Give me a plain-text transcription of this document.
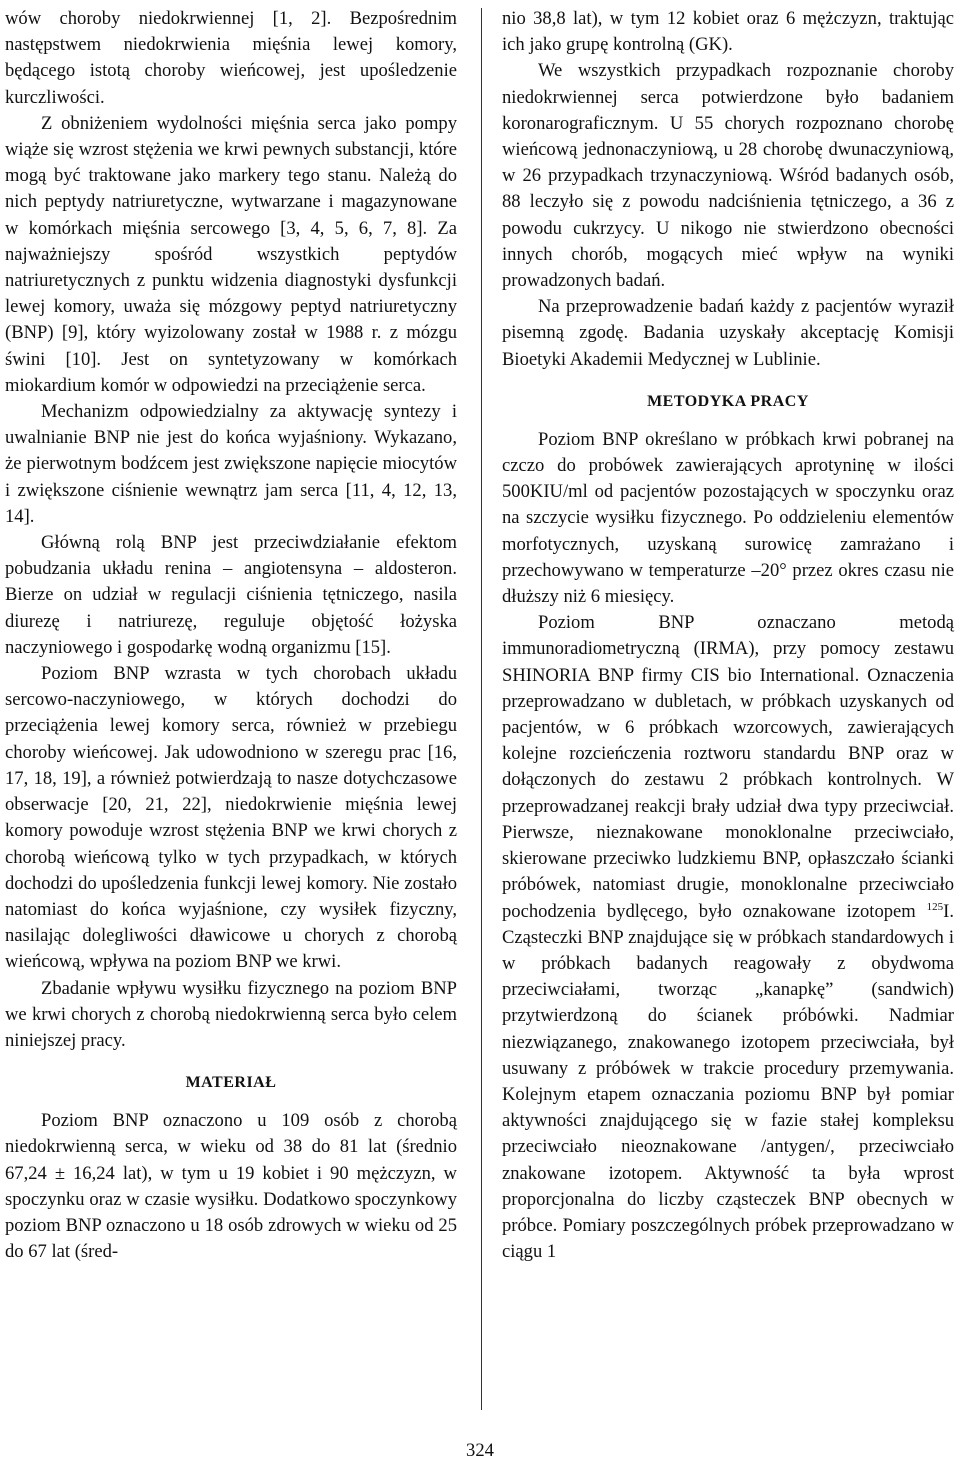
wów choroby niedokrwiennej [1, 2]. Bezpośrednim następstwem niedokrwienia mięśnia lewej komory, będącego istotą choroby wieńcowej, jest upośledzenie kurczliwości.

Z obniżeniem wydolności mięśnia serca jako pompy wiąże się wzrost stężenia we krwi pewnych substancji, które mogą być traktowane jako markery tego stanu. Należą do nich peptydy natriuretyczne, wytwarzane i magazynowane w komórkach mięśnia sercowego [3, 4, 5, 6, 7, 8]. Za najważniejszy spośród wszystkich peptydów natriuretycznych z punktu widzenia diagnostyki dysfunkcji lewej komory, uważa się mózgowy peptyd natriuretyczny (BNP) [9], który wyizolowany został w 1988 r. z mózgu świni [10]. Jest on syntetyzowany w komórkach miokardium komór w odpowiedzi na przeciążenie serca.

Mechanizm odpowiedzialny za aktywację syntezy i uwalnianie BNP nie jest do końca wyjaśniony. Wykazano, że pierwotnym bodźcem jest zwiększone napięcie miocytów i zwiększone ciśnienie wewnątrz jam serca [11, 4, 12, 13, 14].

Główną rolą BNP jest przeciwdziałanie efektom pobudzania układu renina – angiotensyna – aldosteron. Bierze on udział w regulacji ciśnienia tętniczego, nasila diurezę i natriurezę, reguluje objętość łożyska naczyniowego i gospodarkę wodną organizmu [15].

Poziom BNP wzrasta w tych chorobach układu sercowo-naczyniowego, w których dochodzi do przeciążenia lewej komory serca, również w przebiegu choroby wieńcowej. Jak udowodniono w szeregu prac [16, 17, 18, 19], a również potwierdzają to nasze dotychczasowe obserwacje [20, 21, 22], niedokrwienie mięśnia lewej komory powoduje wzrost stężenia BNP we krwi chorych z chorobą wieńcową tylko w tych przypadkach, w których dochodzi do upośledzenia funkcji lewej komory. Nie zostało natomiast do końca wyjaśnione, czy wysiłek fizyczny, nasilając dolegliwości dławicowe u chorych z chorobą wieńcową, wpływa na poziom BNP we krwi.

Zbadanie wpływu wysiłku fizycznego na poziom BNP we krwi chorych z chorobą niedokrwienną serca było celem niniejszej pracy.

MATERIAŁ

Poziom BNP oznaczono u 109 osób z chorobą niedokrwienną serca, w wieku od 38 do 81 lat (średnio 67,24 ± 16,24 lat), w tym u 19 kobiet i 90 mężczyzn, w spoczynku oraz w czasie wysiłku. Dodatkowo spoczynkowy poziom BNP oznaczono u 18 osób zdrowych w wieku od 25 do 67 lat (śred-

nio 38,8 lat), w tym 12 kobiet oraz 6 mężczyzn, traktując ich jako grupę kontrolną (GK).

We wszystkich przypadkach rozpoznanie choroby niedokrwiennej serca potwierdzone było badaniem koronarograficznym. U 55 chorych rozpoznano chorobę wieńcową jednonaczyniową, u 28 chorobę dwunaczyniową, w 26 przypadkach trzynaczyniową. Wśród badanych osób, 88 leczyło się z powodu nadciśnienia tętniczego, a 36 z powodu cukrzycy. U nikogo nie stwierdzono obecności innych chorób, mogących mieć wpływ na wyniki prowadzonych badań.

Na przeprowadzenie badań każdy z pacjentów wyraził pisemną zgodę. Badania uzyskały akceptację Komisji Bioetyki Akademii Medycznej w Lublinie.

METODYKA PRACY

Poziom BNP określano w próbkach krwi pobranej na czczo do probówek zawierających aprotyninę w ilości 500KIU/ml od pacjentów pozostających w spoczynku oraz na szczycie wysiłku fizycznego. Po oddzieleniu elementów morfotycznych, uzyskaną surowicę zamrażano i przechowywano w temperaturze –20° przez okres czasu nie dłuższy niż 6 miesięcy.

Poziom BNP oznaczano metodą immunoradiometryczną (IRMA), przy pomocy zestawu SHINORIA BNP firmy CIS bio International. Oznaczenia przeprowadzano w dubletach, w próbkach uzyskanych od pacjentów, w 6 próbkach wzorcowych, zawierających kolejne rozcieńczenia roztworu standardu BNP oraz w dołączonych do zestawu 2 próbkach kontrolnych. W przeprowadzanej reakcji brały udział dwa typy przeciwciał. Pierwsze, nieznakowane monoklonalne przeciwciało, skierowane przeciwko ludzkiemu BNP, opłaszczało ścianki próbówek, natomiast drugie, monoklonalne przeciwciało pochodzenia bydlęcego, było oznakowane izotopem $^{125}$I. Cząsteczki BNP znajdujące się w próbkach standardowych i w próbkach badanych reagowały z obydwoma przeciwciałami, tworząc „kanapkę” (sandwich) przytwierdzoną do ścianek próbówki. Nadmiar niezwiązanego, znakowanego izotopem przeciwciała, był usuwany z próbówek w trakcie procedury przemywania. Kolejnym etapem oznaczania poziomu BNP był pomiar aktywności znajdującego się w fazie stałej kompleksu przeciwciało nieoznakowane /antygen/, przeciwciało znakowane izotopem. Aktywność ta była wprost proporcjonalna do liczby cząsteczek BNP obecnych w próbce. Pomiary poszczególnych próbek przeprowadzano w ciągu 1

324
